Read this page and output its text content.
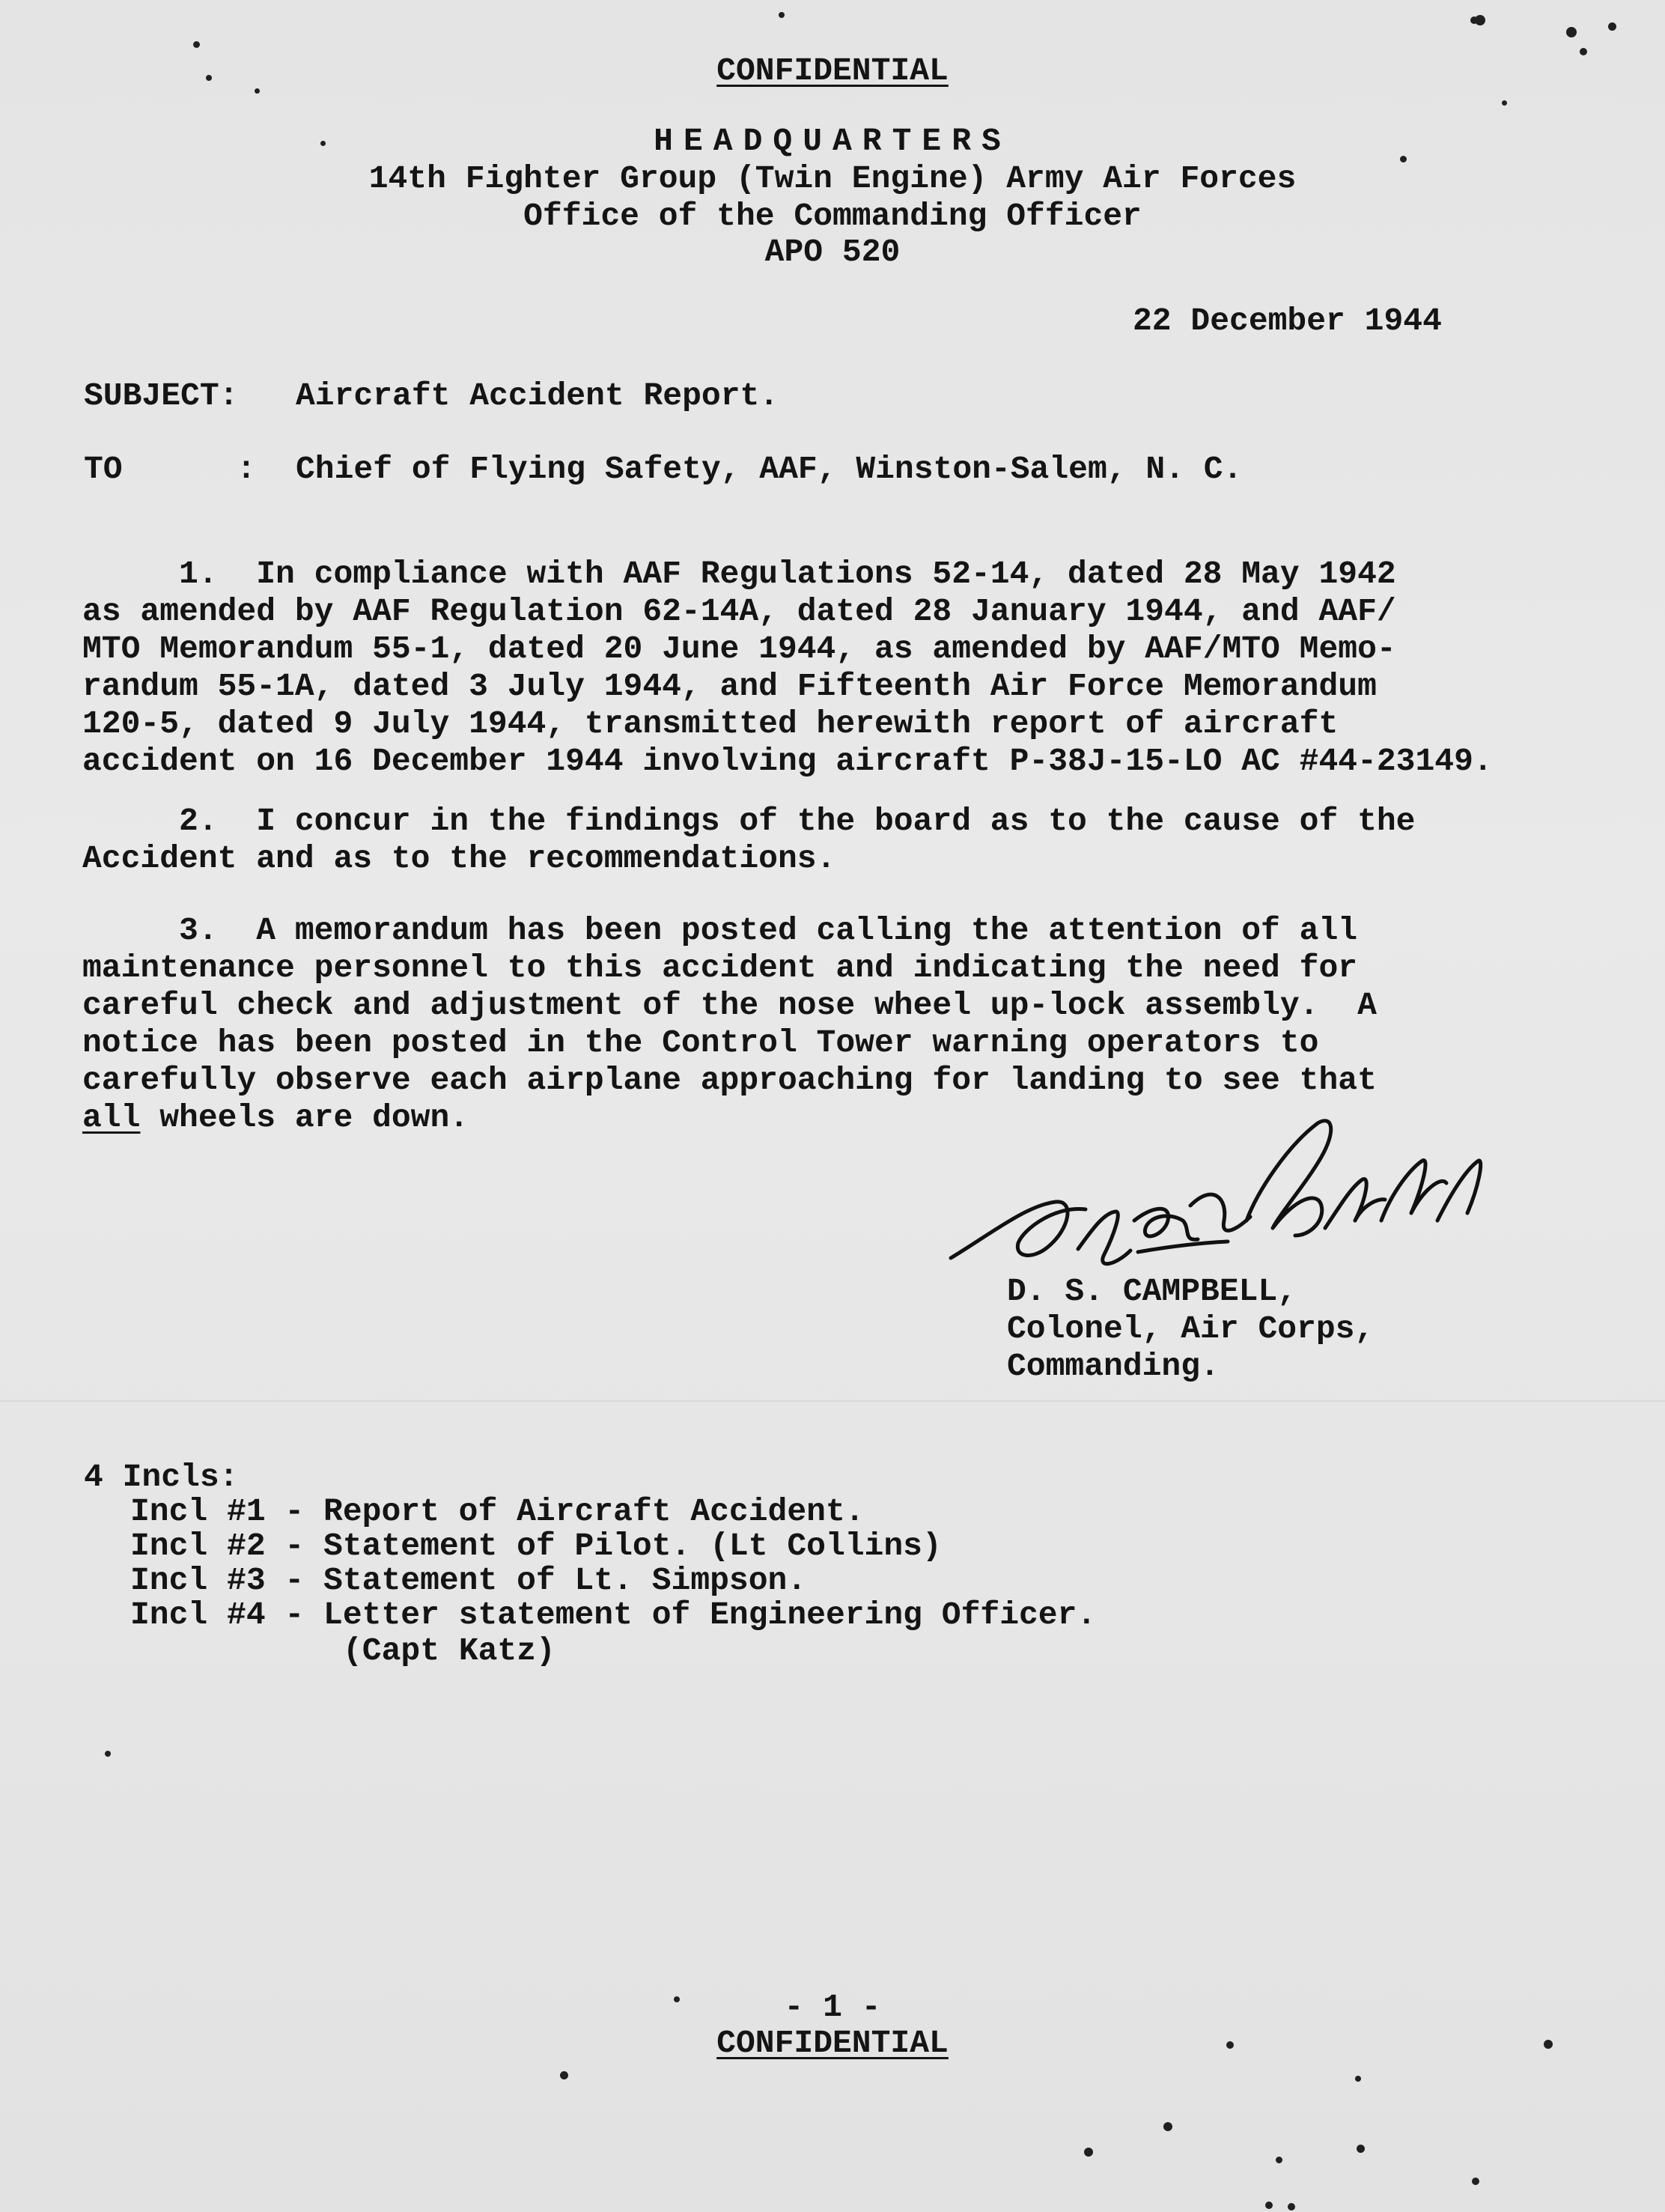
CONFIDENTIAL
HEADQUARTERS
14th Fighter Group (Twin Engine) Army Air Forces
Office of the Commanding Officer
APO 520
22 December 1944
SUBJECT: Aircraft Accident Report.
TO	: Chief of Flying Safety, AAF, Winston-Salem, N. C.
1.  In compliance with AAF Regulations 52-14, dated 28 May 1942
as amended by AAF Regulation 62-14A, dated 28 January 1944, and AAF/
MTO Memorandum 55-1, dated 20 June 1944, as amended by AAF/MTO Memo-
randum 55-1A, dated 3 July 1944, and Fifteenth Air Force Memorandum
120-5, dated 9 July 1944, transmitted herewith report of aircraft
accident on 16 December 1944 involving aircraft P-38J-15-LO AC #44-23149.
2.  I concur in the findings of the board as to the cause of the
Accident and as to the recommendations.
3.  A memorandum has been posted calling the attention of all
maintenance personnel to this accident and indicating the need for
careful check and adjustment of the nose wheel up-lock assembly.  A
notice has been posted in the Control Tower warning operators to
carefully observe each airplane approaching for landing to see that
all wheels are down.
D. S. CAMPBELL,
Colonel, Air Corps,
Commanding.
4 Incls:
Incl #1 - Report of Aircraft Accident.
Incl #2 - Statement of Pilot. (Lt Collins)
Incl #3 - Statement of Lt. Simpson.
Incl #4 - Letter statement of Engineering Officer.
(Capt Katz)
- 1 -
CONFIDENTIAL
